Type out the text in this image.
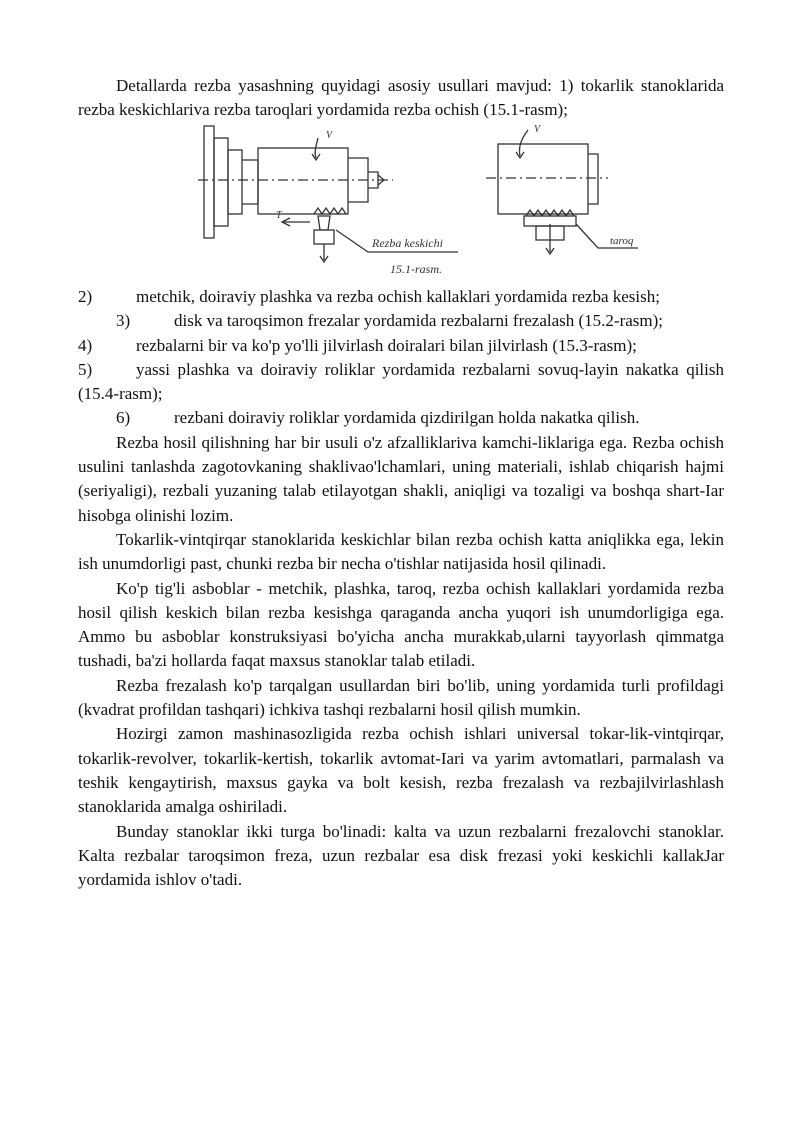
Detallarda rezba yasashning quyidagi asosiy usullari mavjud: 1) tokarlik stanoklarida rezba keskichlariva rezba taroqlari yordamida rezba ochish (15.1-rasm);

V
T
V
Rezba keskichi	taroq
15.1-rasm.

2)	metchik, doiraviy plashka va rezba ochish kallaklari yordamida rezba kesish;

3)	disk va taroqsimon frezalar yordamida rezbalarni frezalash (15.2-rasm);

4)	rezbalarni bir va ko'p yo'lli jilvirlash doiralari bilan jilvirlash (15.3-rasm);

5)	yassi plashka va doiraviy roliklar yordamida rezbalarni sovuq-layin nakatka qilish (15.4-rasm);

6)	rezbani doiraviy roliklar yordamida qizdirilgan holda nakatka qilish.

Rezba hosil qilishning har bir usuli o'z afzalliklariva kamchi-liklariga ega. Rezba ochish usulini tanlashda zagotovkaning shaklivao'lchamlari, uning materiali, ishlab chiqarish hajmi (seriyaligi), rezbali yuzaning talab etilayotgan shakli, aniqligi va tozaligi va boshqa shart-Iar hisobga olinishi lozim.

Tokarlik-vintqirqar stanoklarida keskichlar bilan rezba ochish katta aniqlikka ega, lekin ish unumdorligi past, chunki rezba bir necha o'tishlar natijasida hosil qilinadi.

Ko'p tig'li asboblar - metchik, plashka, taroq, rezba ochish kallaklari yordamida rezba hosil qilish keskich bilan rezba kesishga qaraganda ancha yuqori ish unumdorligiga ega. Ammo bu asboblar konstruksiyasi bo'yicha ancha murakkab,ularni tayyorlash qimmatga tushadi, ba'zi hollarda faqat maxsus stanoklar talab etiladi.

Rezba frezalash ko'p tarqalgan usullardan biri bo'lib, uning yordamida turli profildagi (kvadrat profildan tashqari) ichkiva tashqi rezbalarni hosil qilish mumkin.

Hozirgi zamon mashinasozligida rezba ochish ishlari universal tokar-lik-vintqirqar, tokarlik-revolver, tokarlik-kertish, tokarlik avtomat-Iari va yarim avtomatlari, parmalash va teshik kengaytirish, maxsus gayka va bolt kesish, rezba frezalash va rezbajilvirlashlash stanoklarida amalga oshiriladi.

Bunday stanoklar ikki turga bo'linadi: kalta va uzun rezbalarni frezalovchi stanoklar. Kalta rezbalar taroqsimon freza, uzun rezbalar esa disk frezasi yoki keskichli kallakJar yordamida ishlov o'tadi.
